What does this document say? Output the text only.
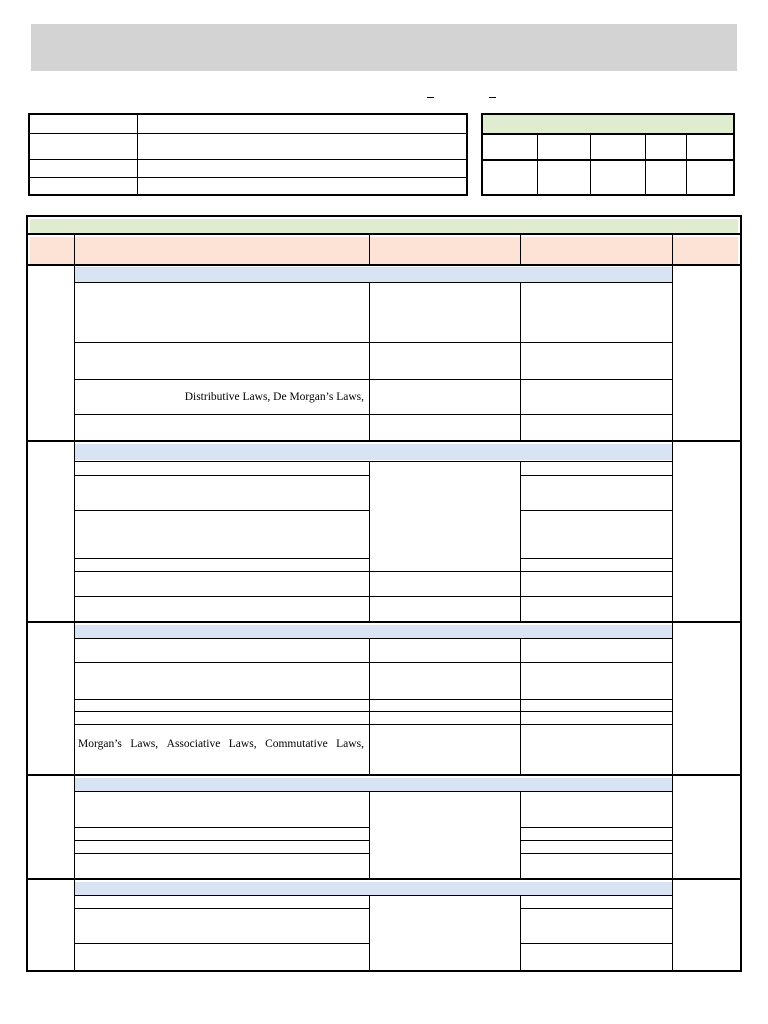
Distributive Laws, De Morgan’s Laws,
Morgan’s Laws, Associative Laws, Commutative Laws,
